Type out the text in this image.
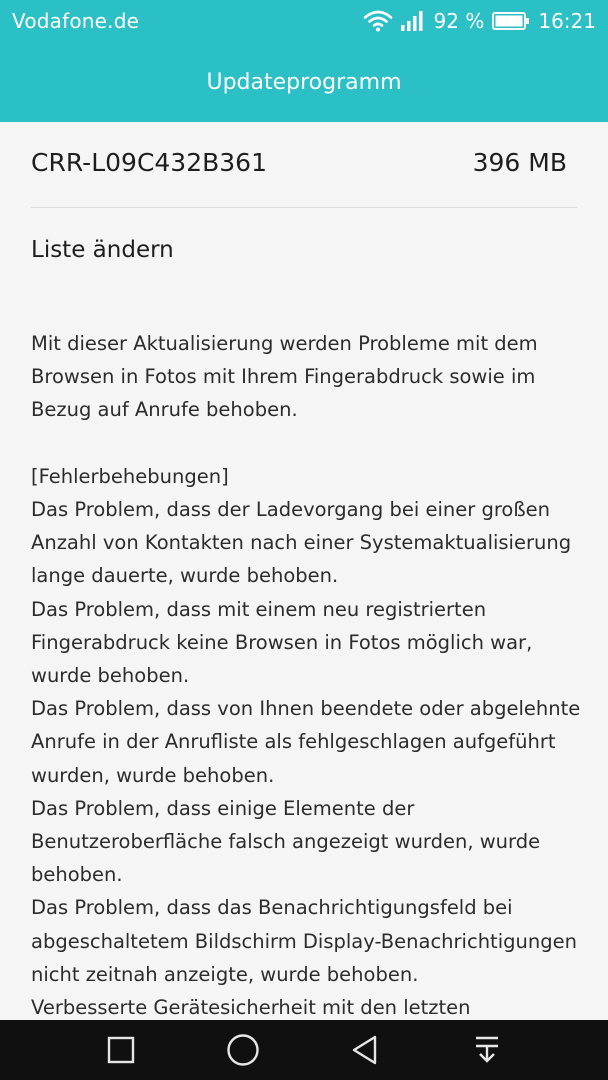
Vodafone.de	92 %	16:21
Updateprogramm
CRR-L09C432B361	396 MB
Liste ändern

Mit dieser Aktualisierung werden Probleme mit dem Browsen in Fotos mit Ihrem Fingerabdruck sowie im Bezug auf Anrufe behoben.

[Fehlerbehebungen]

Das Problem, dass der Ladevorgang bei einer großen Anzahl von Kontakten nach einer Systemaktualisierung lange dauerte, wurde behoben.

Das Problem, dass mit einem neu registrierten Fingerabdruck keine Browsen in Fotos möglich war, wurde behoben.

Das Problem, dass von Ihnen beendete oder abgelehnte Anrufe in der Anrufliste als fehlgeschlagen aufgeführt wurden, wurde behoben.

Das Problem, dass einige Elemente der Benutzeroberfläche falsch angezeigt wurden, wurde behoben.

Das Problem, dass das Benachrichtigungsfeld bei abgeschaltetem Bildschirm Display-Benachrichtigungen nicht zeitnah anzeigte, wurde behoben.

Verbesserte Gerätesicherheit mit den letzten
